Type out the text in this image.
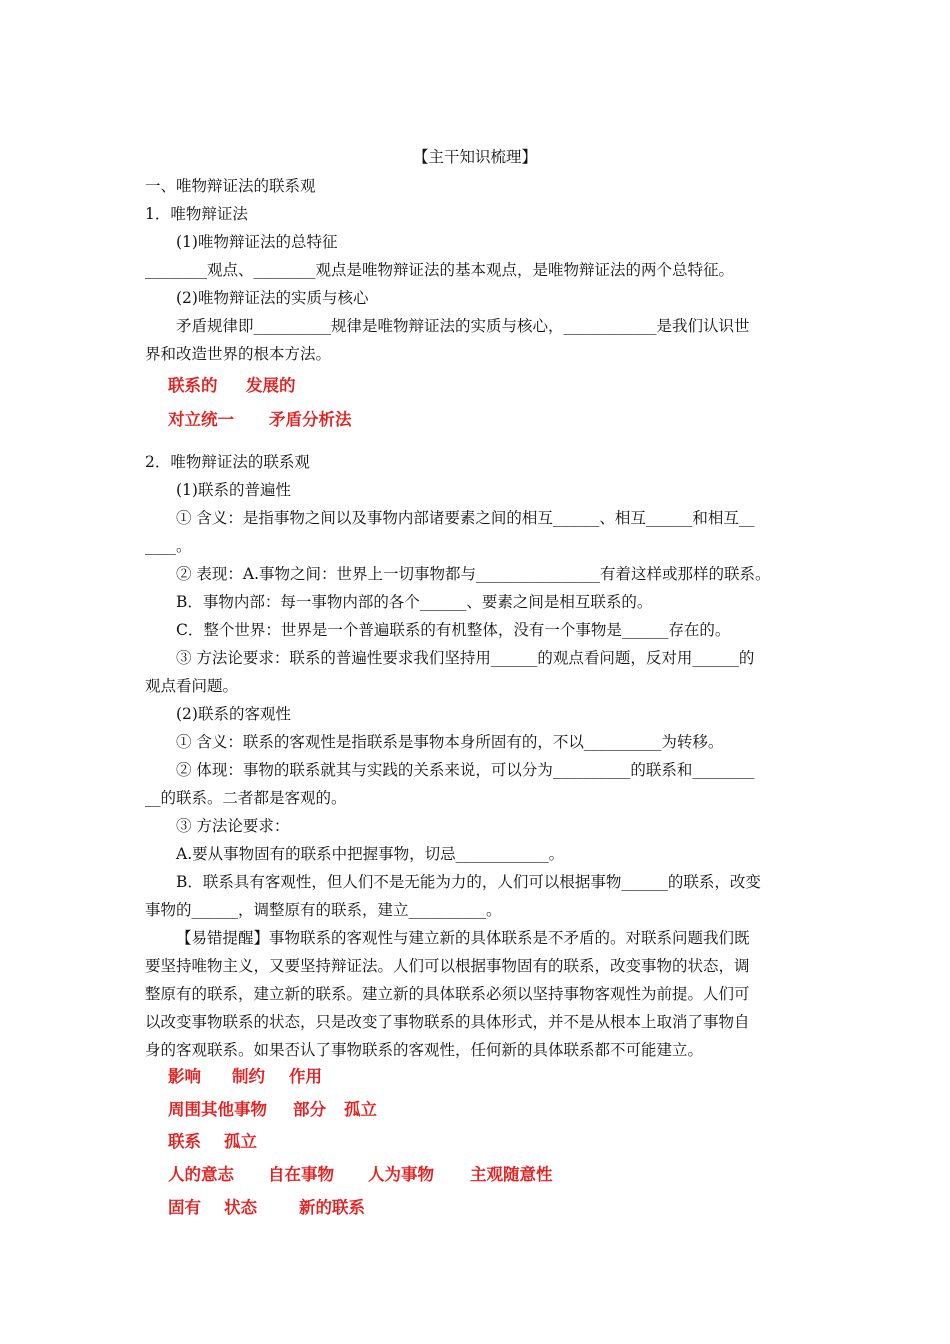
【主干知识梳理】
一、唯物辩证法的联系观
1．唯物辩证法
(1)唯物辩证法的总特征
________观点、________观点是唯物辩证法的基本观点，是唯物辩证法的两个总特征。
(2)唯物辩证法的实质与核心
矛盾规律即__________规律是唯物辩证法的实质与核心，____________是我们认识世
界和改造世界的根本方法。
联系的 发展的
对立统一 矛盾分析法
2．唯物辩证法的联系观
(1)联系的普遍性
① 含义：是指事物之间以及事物内部诸要素之间的相互______、相互______和相互__
____。
② 表现：A.事物之间：世界上一切事物都与________________有着这样或那样的联系。
B．事物内部：每一事物内部的各个______、要素之间是相互联系的。
C．整个世界：世界是一个普遍联系的有机整体，没有一个事物是______存在的。
③ 方法论要求：联系的普遍性要求我们坚持用______的观点看问题，反对用______的
观点看问题。
(2)联系的客观性
① 含义：联系的客观性是指联系是事物本身所固有的，不以__________为转移。
② 体现：事物的联系就其与实践的关系来说，可以分为__________的联系和________
__的联系。二者都是客观的。
③ 方法论要求：
A.要从事物固有的联系中把握事物，切忌____________。
B．联系具有客观性，但人们不是无能为力的，人们可以根据事物______的联系，改变
事物的______，调整原有的联系，建立__________。
【易错提醒】事物联系的客观性与建立新的具体联系是不矛盾的。对联系问题我们既
要坚持唯物主义，又要坚持辩证法。人们可以根据事物固有的联系，改变事物的状态，调
整原有的联系，建立新的联系。建立新的具体联系必须以坚持事物客观性为前提。人们可
以改变事物联系的状态，只是改变了事物联系的具体形式，并不是从根本上取消了事物自
身的客观联系。如果否认了事物联系的客观性，任何新的具体联系都不可能建立。
影响 制约 作用
周围其他事物 部分 孤立
联系 孤立
人的意志 自在事物 人为事物 主观随意性
固有 状态	新的联系
